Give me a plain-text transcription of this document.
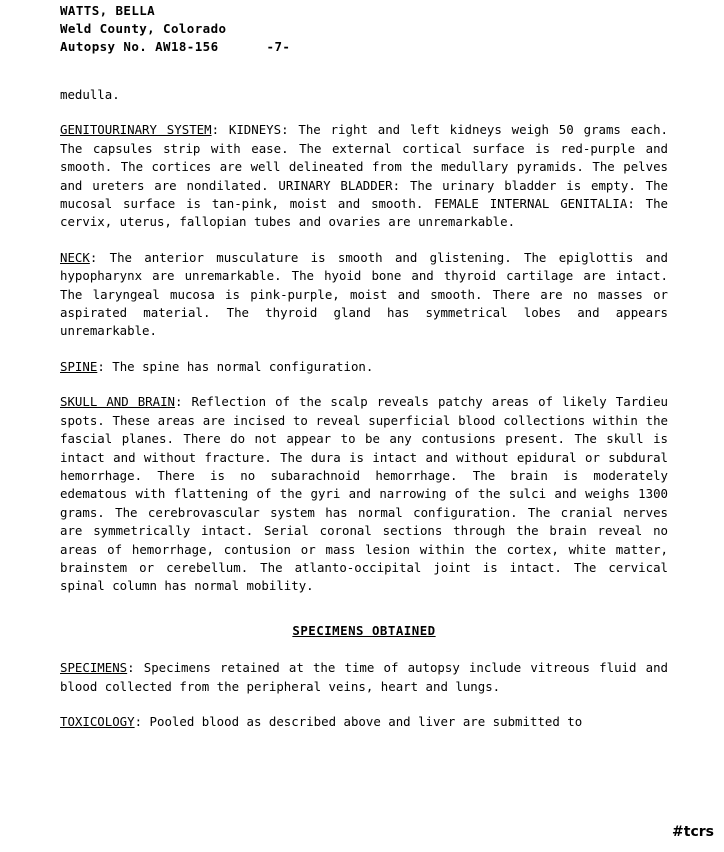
WATTS, BELLA
Weld County, Colorado
Autopsy No. AW18-156	-7-

medulla.

GENITOURINARY SYSTEM: KIDNEYS: The right and left kidneys weigh 50 grams each. The capsules strip with ease. The external cortical surface is red-purple and smooth. The cortices are well delineated from the medullary pyramids. The pelves and ureters are nondilated. URINARY BLADDER: The urinary bladder is empty. The mucosal surface is tan-pink, moist and smooth. FEMALE INTERNAL GENITALIA: The cervix, uterus, fallopian tubes and ovaries are unremarkable.

NECK: The anterior musculature is smooth and glistening. The epiglottis and hypopharynx are unremarkable. The hyoid bone and thyroid cartilage are intact. The laryngeal mucosa is pink-purple, moist and smooth. There are no masses or aspirated material. The thyroid gland has symmetrical lobes and appears unremarkable.

SPINE: The spine has normal configuration.

SKULL AND BRAIN: Reflection of the scalp reveals patchy areas of likely Tardieu spots. These areas are incised to reveal superficial blood collections within the fascial planes. There do not appear to be any contusions present. The skull is intact and without fracture. The dura is intact and without epidural or subdural hemorrhage. There is no subarachnoid hemorrhage. The brain is moderately edematous with flattening of the gyri and narrowing of the sulci and weighs 1300 grams. The cerebrovascular system has normal configuration. The cranial nerves are symmetrically intact. Serial coronal sections through the brain reveal no areas of hemorrhage, contusion or mass lesion within the cortex, white matter, brainstem or cerebellum. The atlanto-occipital joint is intact. The cervical spinal column has normal mobility.

SPECIMENS OBTAINED

SPECIMENS: Specimens retained at the time of autopsy include vitreous fluid and blood collected from the peripheral veins, heart and lungs.

TOXICOLOGY: Pooled blood as described above and liver are submitted to

#tcrs
